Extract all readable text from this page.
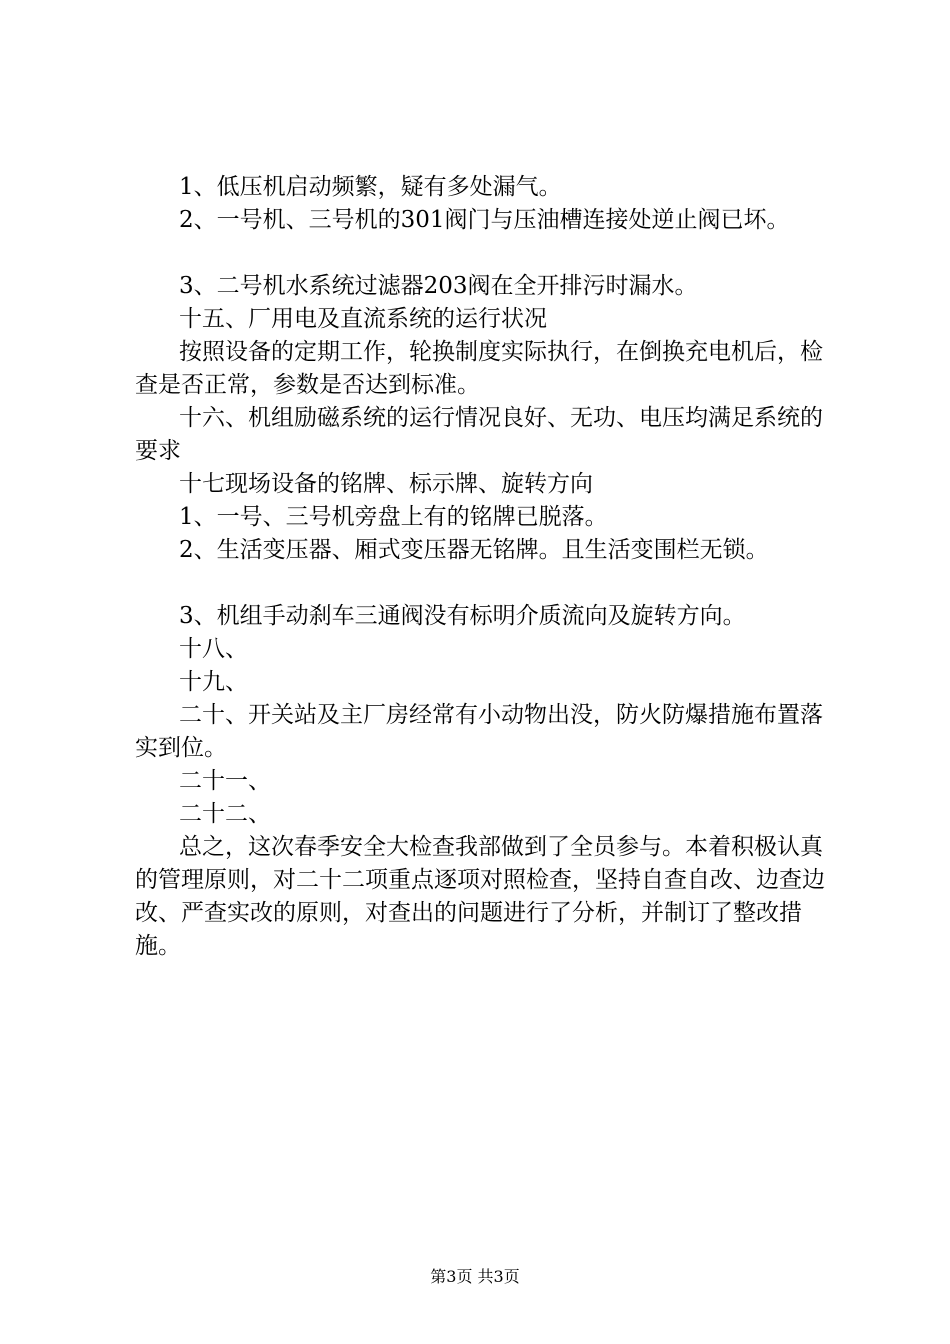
1、低压机启动频繁，疑有多处漏气。

2、一号机、三号机的301阀门与压油槽连接处逆止阀已坏。

3、二号机水系统过滤器203阀在全开排污时漏水。

十五、厂用电及直流系统的运行状况

按照设备的定期工作，轮换制度实际执行，在倒换充电机后，检查是否正常，参数是否达到标准。

十六、机组励磁系统的运行情况良好、无功、电压均满足系统的要求

十七现场设备的铭牌、标示牌、旋转方向

1、一号、三号机旁盘上有的铭牌已脱落。

2、生活变压器、厢式变压器无铭牌。且生活变围栏无锁。

3、机组手动刹车三通阀没有标明介质流向及旋转方向。

十八、

十九、

二十、开关站及主厂房经常有小动物出没，防火防爆措施布置落实到位。

二十一、

二十二、

总之，这次春季安全大检查我部做到了全员参与。本着积极认真的管理原则，对二十二项重点逐项对照检查，坚持自查自改、边查边改、严查实改的原则，对查出的问题进行了分析，并制订了整改措施。

第3页 共3页
